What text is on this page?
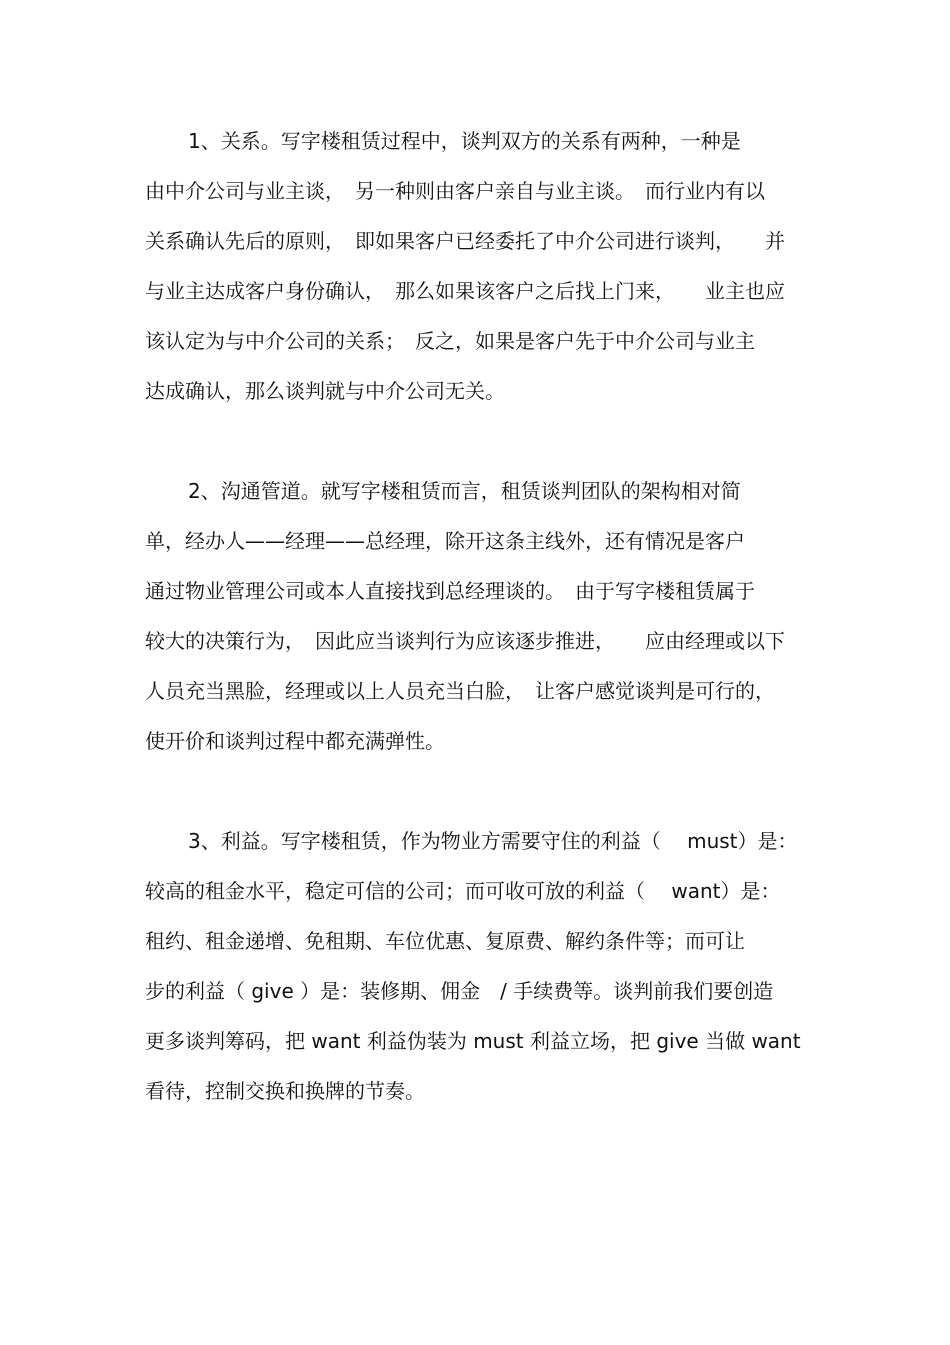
1、关系。写字楼租赁过程中，谈判双方的关系有两种，一种是
由中介公司与业主谈，　另一种则由客户亲自与业主谈。　而行业内有以
关系确认先后的原则，　即如果客户已经委托了中介公司进行谈判，　　并
与业主达成客户身份确认，　那么如果该客户之后找上门来，　　业主也应
该认定为与中介公司的关系；　反之，如果是客户先于中介公司与业主
达成确认，那么谈判就与中介公司无关。
2、沟通管道。就写字楼租赁而言，租赁谈判团队的架构相对简
单，经办人——经理——总经理，除开这条主线外，还有情况是客户
通过物业管理公司或本人直接找到总经理谈的。　由于写字楼租赁属于
较大的决策行为，　因此应当谈判行为应该逐步推进，　　应由经理或以下
人员充当黑脸，经理或以上人员充当白脸，　让客户感觉谈判是可行的，
使开价和谈判过程中都充满弹性。
3、利益。写字楼租赁，作为物业方需要守住的利益（　 must）是：
较高的租金水平，稳定可信的公司；而可收可放的利益（　 want）是：
租约、租金递增、免租期、车位优惠、复原费、解约条件等；而可让
步的利益（ give ）是：装修期、佣金　/ 手续费等。谈判前我们要创造
更多谈判筹码，把 want 利益伪装为 must 利益立场，把 give 当做 want
看待，控制交换和换牌的节奏。
